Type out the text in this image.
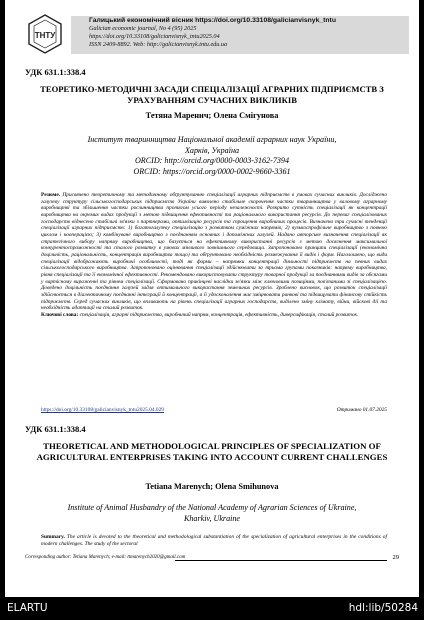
ТНТУ
Галицький економічний вісник https://doi.org/10.33108/galicianvisnyk_tntu
Galician economic journal, No 4 (95) 2025
https://doi.org/10.33108/galicianvisnyk_tntu2025.04
ISSN 2409-8892. Web: http://galicianvisnyk.tntu.edu.ua
УДК 631.1:338.4
ТЕОРЕТИКО-МЕТОДИЧНІ ЗАСАДИ СПЕЦІАЛІЗАЦІЇ АГРАРНИХ ПІДПРИЄМСТВ З УРАХУВАННЯМ СУЧАСНИХ ВИКЛИКІВ
Тетяна Маренич; Олена Смігунова
Інститут тваринництва Національної академії аграрних наук України,
Харків, Україна
ORCID: http://orcid.org/0000-0003-3162-7394
ORCID: https://orcid.org/0000-0002-9660-3361
Резюме. Присвячено теоретичному та методичному обґрунтуванню спеціалізації аграрних підприємств в умовах сучасних викликів. Досліджено галузеву структуру сільськогосподарських підприємств України виявлено стабільне скорочення частки тваринництва у валовому аграрному виробництві та збільшення частки рослинництва протягом усього періоду незалежності. Розкрито сутність спеціалізації як концентрації виробництва на окремих видах продукції з метою підвищення ефективності та раціонального використання ресурсів. До переваг спеціалізованих господарств віднесено стабільні зв'язки з партнерами, оптимізацію ресурсів та спрощення виробничих процесів. Визначено три сучасні тенденції спеціалізації аграрних підприємств: 1) багатогалузеву спеціалізацію з розвитком суміжних напрямів; 2) вузькоспрофільне виробництво з повною циклом і кооперацією; 3) комбінуване виробництво з поєднанням основних і допоміжних галузей. Надано авторське визначення спеціалізації як стратегічного вибору напряму виробництва, що базується на ефективному використанні ресурсів з метою досягнення максимальної конкурентоспроможності та сталого розвитку в умовах мінливого зовнішнього середовища. Запропоновано принципи спеціалізації (економічна доцільність, раціональність, концентрація виробництва тощо) та обґрунтовано необхідність розмежування її видів і форм. Наголошено, що види спеціалізації відображають виробничі особливості, тоді як форми – напрямки концентрації діяльності підприємств на певних видах сільськогосподарського виробництва. Запропоновано оцінювання спеціалізації здійснювати за трьома групами показників: напряму виробництва, рівня спеціалізації та її економічної ефективності. Рекомендовано використовувати структуру товарної продукції за поєднаннями видів за обсягами у вартісному вираженні та рівнем спеціалізації. Сформовано прикінцеві наслідки зв'язки між ключовими позиціями, пов'язаними зі спеціалізацією. Доведено доцільність поєднання галузей задля оптимального використання земельних ресурсів. Зроблено висновок, що розвиток спеціалізації здійснюється в діалектичному поєднанні інтеграції й концентрації, а її удосконалення має зміцнювати ринкові та підвищувати фінансову стійкість підприємств. Серед сучасних викликів, що впливають на рівень спеціалізації аграрних господарств, виділено зміну клімату, війни, війскові дії та необхідність адаптації на сталий розвиток.
Ключові слова: спеціалізація, аграрні підприємства, виробничий напрям, концентрація, ефективність, диверсифікація, сталий розвиток.
https://doi.org/10.33108/galicianvisnyk_tntu2025.04.029	Отримано 01.07.2025
УДК 631.1:338.4
THEORETICAL AND METHODOLOGICAL PRINCIPLES OF SPECIALIZATION OF AGRICULTURAL ENTERPRISES TAKING INTO ACCOUNT CURRENT CHALLENGES
Tetiana Marenych; Olena Smihunova
Institute of Animal Husbandry of the National Academy of Agrarian Sciences of Ukraine,
Kharkiv, Ukraine
Summary. The article is devoted to the theoretical and methodological substantiation of the specialization of agricultural enterprises in the conditions of modern challenges. The study of the sectoral
Corresponding author: Tetiana Marenych; e-mail: ttmarenych2020@gmail.com	29
ELARTU	hdl:lib/50284
